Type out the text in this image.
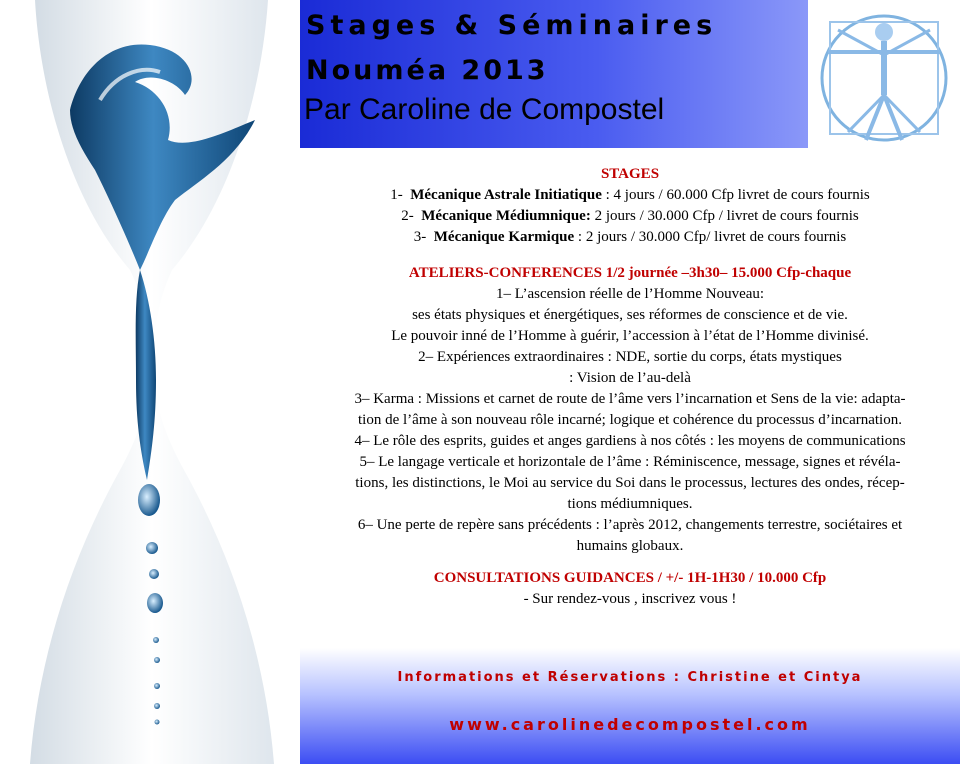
Stages & Séminaires
Nouméa 2013
Par Caroline de Compostel
STAGES
1- Mécanique Astrale Initiatique : 4 jours / 60.000 Cfp livret de cours fournis
2- Mécanique Médiumnique: 2 jours / 30.000 Cfp / livret de cours fournis
3- Mécanique Karmique : 2 jours / 30.000 Cfp/ livret de cours fournis
ATELIERS-CONFERENCES 1/2 journée –3h30– 15.000 Cfp-chaque
1– L’ascension réelle de l’Homme Nouveau:
ses états physiques et énergétiques, ses réformes de conscience et de vie.
Le pouvoir inné de l’Homme à guérir, l’accession à l’état de l’Homme divinisé.
2– Expériences extraordinaires : NDE, sortie du corps, états mystiques
: Vision de l’au-delà
3– Karma : Missions et carnet de route de l’âme vers l’incarnation et Sens de la vie: adapta-
tion de l’âme à son nouveau rôle incarné; logique et cohérence du processus d’incarnation.
4– Le rôle des esprits, guides et anges gardiens à nos côtés : les moyens de communications
5– Le langage verticale et horizontale de l’âme : Réminiscence, message, signes et révéla-
tions, les distinctions, le Moi au service du Soi dans le processus, lectures des ondes, récep-
tions médiumniques.
6– Une perte de repère sans précédents : l’après 2012, changements terrestre, sociétaires et
humains globaux.
CONSULTATIONS GUIDANCES / +/- 1H-1H30 / 10.000 Cfp
- Sur rendez-vous , inscrivez vous !
Informations et Réservations : Christine et Cintya
www.carolinedecompostel.com
